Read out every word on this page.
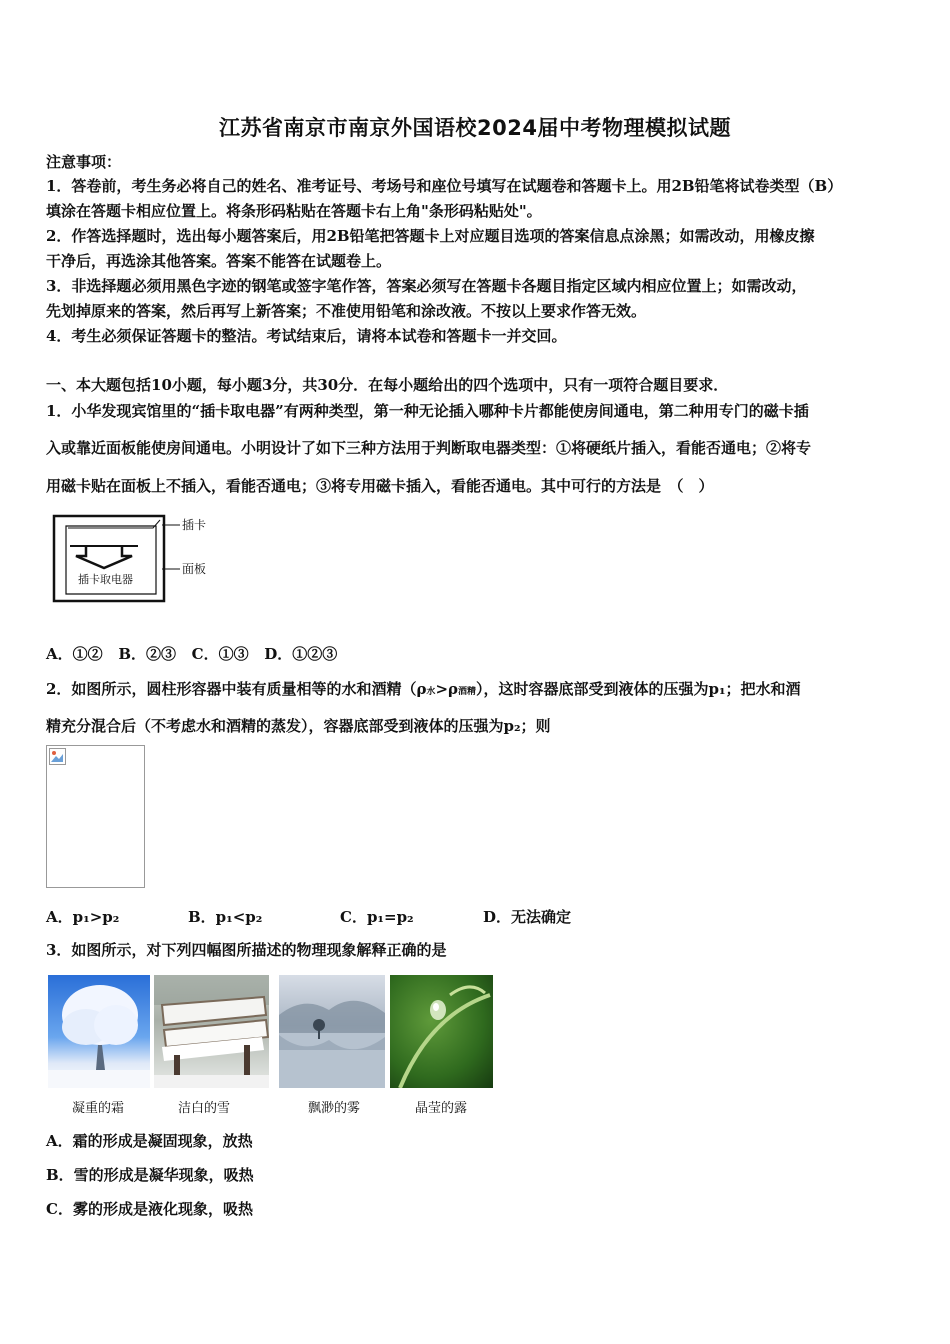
江苏省南京市南京外国语校2024届中考物理模拟试题
注意事项：
1．答卷前，考生务必将自己的姓名、准考证号、考场号和座位号填写在试题卷和答题卡上。用2B铅笔将试卷类型（B）
填涂在答题卡相应位置上。将条形码粘贴在答题卡右上角"条形码粘贴处"。
2．作答选择题时，选出每小题答案后，用2B铅笔把答题卡上对应题目选项的答案信息点涂黑；如需改动，用橡皮擦
干净后，再选涂其他答案。答案不能答在试题卷上。
3．非选择题必须用黑色字迹的钢笔或签字笔作答，答案必须写在答题卡各题目指定区域内相应位置上；如需改动，
先划掉原来的答案，然后再写上新答案；不准使用铅笔和涂改液。不按以上要求作答无效。
4．考生必须保证答题卡的整洁。考试结束后，请将本试卷和答题卡一并交回。
一、本大题包括10小题，每小题3分，共30分．在每小题给出的四个选项中，只有一项符合题目要求．
1．小华发现宾馆里的“插卡取电器”有两种类型，第一种无论插入哪种卡片都能使房间通电，第二种用专门的磁卡插
入或靠近面板能使房间通电。小明设计了如下三种方法用于判断取电器类型：①将硬纸片插入，看能否通电；②将专
用磁卡贴在面板上不插入，看能否通电；③将专用磁卡插入，看能否通电。其中可行的方法是　（　）
插卡
面板
插卡取电器
A．①② B．②③ C．①③ D．①②③
2．如图所示，圆柱形容器中装有质量相等的水和酒精（ρ水>ρ酒精），这时容器底部受到液体的压强为p₁；把水和酒
精充分混合后（不考虑水和酒精的蒸发），容器底部受到液体的压强为p₂；则
A．p₁>p₂	B．p₁<p₂	C．p₁=p₂	D．无法确定
3．如图所示，对下列四幅图所描述的物理现象解释正确的是
凝重的霜	洁白的雪	飘渺的雾	晶莹的露
A．霜的形成是凝固现象，放热
B．雪的形成是凝华现象，吸热
C．雾的形成是液化现象，吸热
